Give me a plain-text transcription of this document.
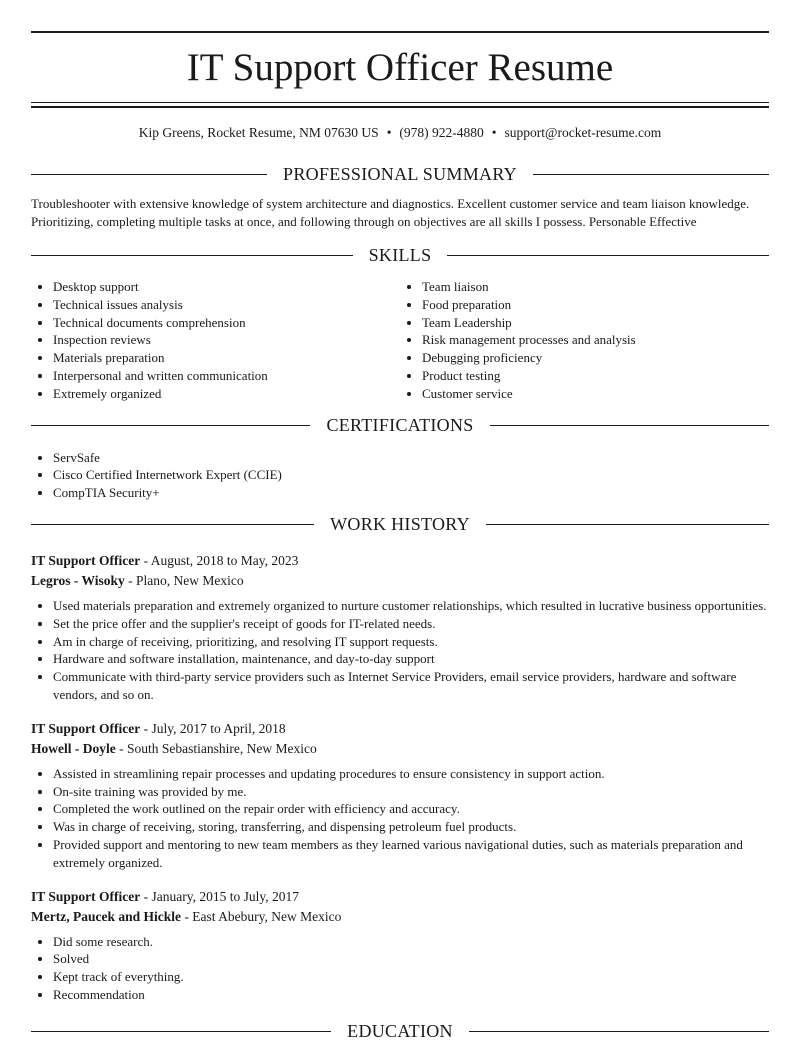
IT Support Officer Resume
Kip Greens, Rocket Resume, NM 07630 US • (978) 922-4880 • support@rocket-resume.com
PROFESSIONAL SUMMARY

Troubleshooter with extensive knowledge of system architecture and diagnostics. Excellent customer service and team liaison knowledge. Prioritizing, completing multiple tasks at once, and following through on objectives are all skills I possess. Personable Effective

SKILLS
• Desktop support
• Technical issues analysis
• Technical documents comprehension
• Inspection reviews
• Materials preparation
• Interpersonal and written communication
• Extremely organized
• Team liaison
• Food preparation
• Team Leadership
• Risk management processes and analysis
• Debugging proficiency
• Product testing
• Customer service
CERTIFICATIONS
• ServSafe
• Cisco Certified Internetwork Expert (CCIE)
• CompTIA Security+
WORK HISTORY
IT Support Officer - August, 2018 to May, 2023
Legros - Wisoky - Plano, New Mexico
• Used materials preparation and extremely organized to nurture customer relationships, which resulted in lucrative business opportunities.
• Set the price offer and the supplier's receipt of goods for IT-related needs.
• Am in charge of receiving, prioritizing, and resolving IT support requests.
• Hardware and software installation, maintenance, and day-to-day support
• Communicate with third-party service providers such as Internet Service Providers, email service providers, hardware and software vendors, and so on.
IT Support Officer - July, 2017 to April, 2018
Howell - Doyle - South Sebastianshire, New Mexico
• Assisted in streamlining repair processes and updating procedures to ensure consistency in support action.
• On-site training was provided by me.
• Completed the work outlined on the repair order with efficiency and accuracy.
• Was in charge of receiving, storing, transferring, and dispensing petroleum fuel products.
• Provided support and mentoring to new team members as they learned various navigational duties, such as materials preparation and extremely organized.
IT Support Officer - January, 2015 to July, 2017
Mertz, Paucek and Hickle - East Abebury, New Mexico
• Did some research.
• Solved
• Kept track of everything.
• Recommendation
EDUCATION
